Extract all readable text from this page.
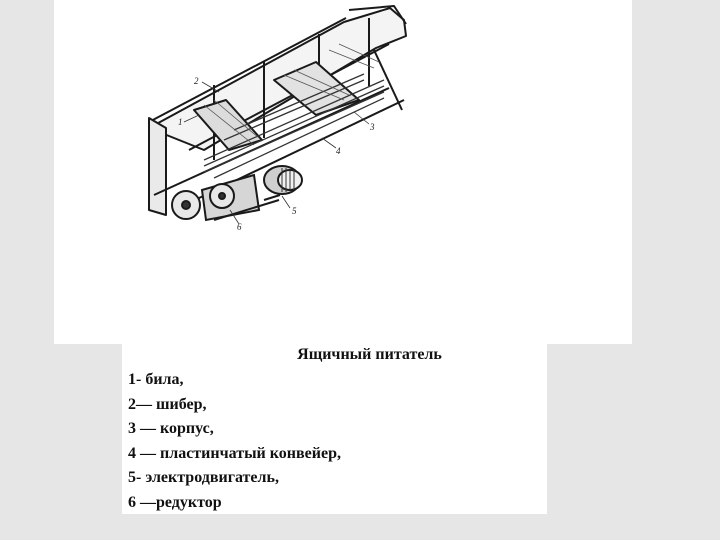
1
2
3
4
5
6
Ящичный питатель
1- била,
2— шибер,
3 — корпус,
4 — пластинчатый конвейер,
5- электродвигатель,
6 —редуктор
